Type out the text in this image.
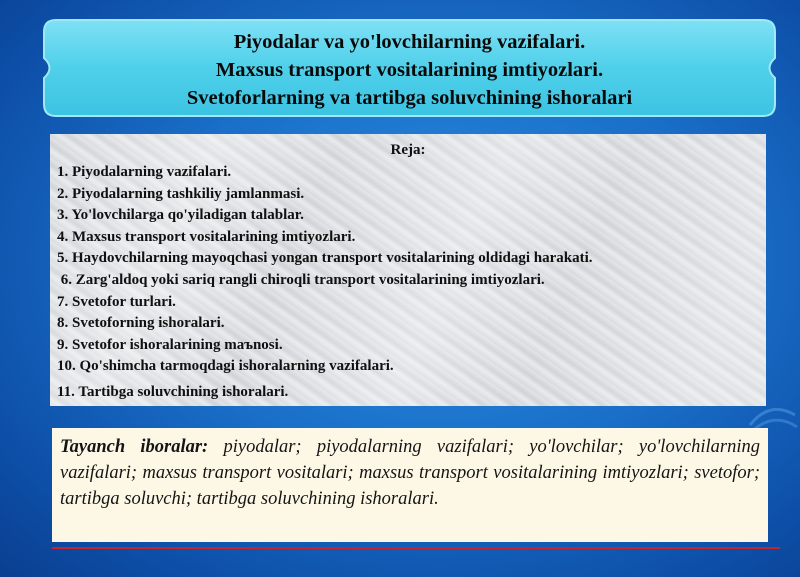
Piyodalar va yo'lovchilarning vazifalari.
Maxsus transport vositalarining imtiyozlari.
Svetoforlarning va tartibga soluvchining ishoralari
Reja:
1. Piyodalarning vazifalari.
2. Piyodalarning tashkiliy jamlanmasi.
3. Yo'lovchilarga qo'yiladigan talablar.
4. Maxsus transport vositalarining imtiyozlari.
5. Haydovchilarning mayoqchasi yongan transport vositalarining oldidagi harakati.
6. Zarg'aldoq yoki sariq rangli chiroqli transport vositalarining imtiyozlari.
7. Svetofor turlari.
8. Svetoforning ishoralari.
9. Svetofor ishoralarining maъnosi.
10. Qo'shimcha tarmoqdagi ishoralarning vazifalari.
11. Tartibga soluvchining ishoralari.
Tayanch iboralar: piyodalar; piyodalarning vazifalari; yo'lovchilar; yo'lovchilarning vazifalari; maxsus transport vositalari; maxsus transport vositalarining imtiyozlari; svetofor; tartibga soluvchi; tartibga soluvchining ishoralari.
